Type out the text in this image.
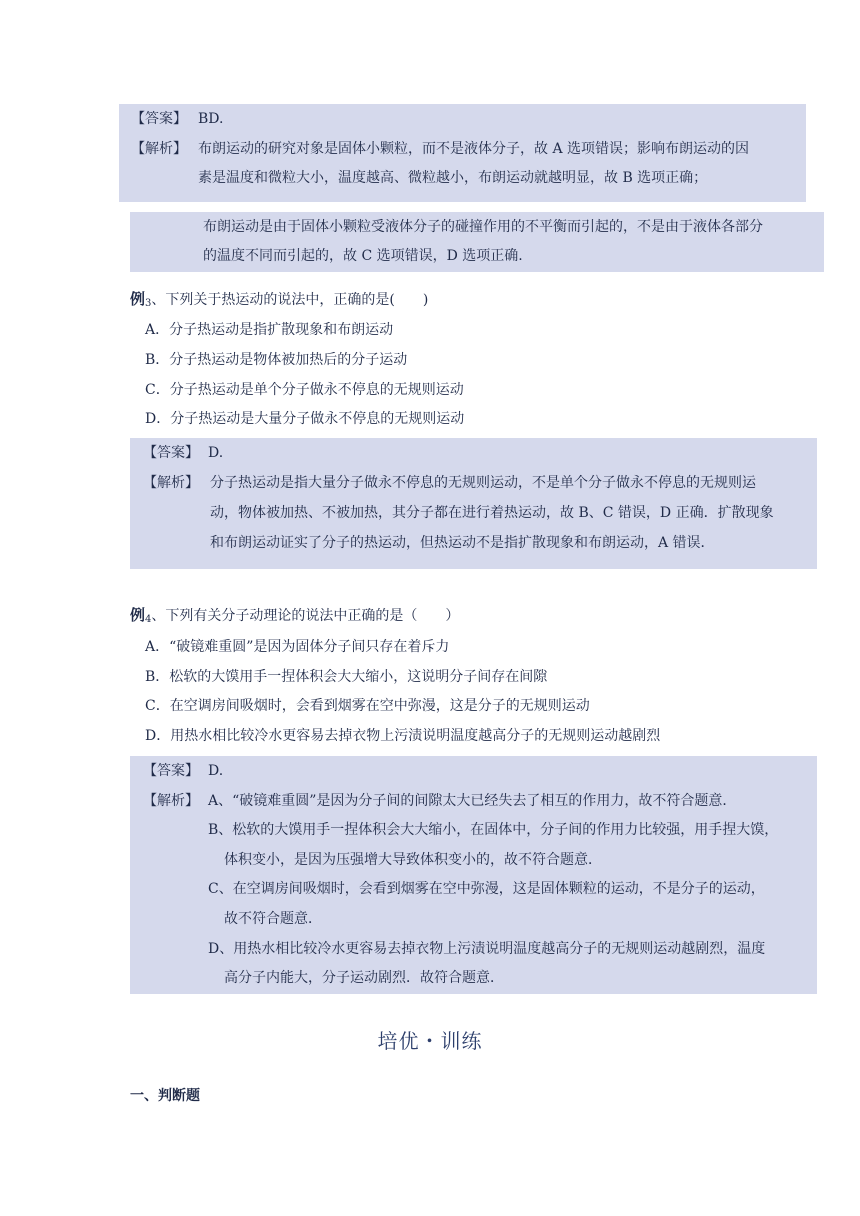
【答案】 BD.
【解析】 布朗运动的研究对象是固体小颗粒，而不是液体分子，故 A 选项错误；影响布朗运动的因
素是温度和微粒大小，温度越高、微粒越小，布朗运动就越明显，故 B 选项正确；
布朗运动是由于固体小颗粒受液体分子的碰撞作用的不平衡而引起的，不是由于液体各部分
的温度不同而引起的，故 C 选项错误，D 选项正确.
例$_3$、下列关于热运动的说法中，正确的是(　　)
A．分子热运动是指扩散现象和布朗运动
B．分子热运动是物体被加热后的分子运动
C．分子热运动是单个分子做永不停息的无规则运动
D．分子热运动是大量分子做永不停息的无规则运动
【答案】 D.
【解析】 分子热运动是指大量分子做永不停息的无规则运动，不是单个分子做永不停息的无规则运
动，物体被加热、不被加热，其分子都在进行着热运动，故 B、C 错误，D 正确．扩散现象
和布朗运动证实了分子的热运动，但热运动不是指扩散现象和布朗运动，A 错误．
例$_4$、下列有关分子动理论的说法中正确的是（　　）
A．“破镜难重圆”是因为固体分子间只存在着斥力
B．松软的大馍用手一捏体积会大大缩小，这说明分子间存在间隙
C．在空调房间吸烟时，会看到烟雾在空中弥漫，这是分子的无规则运动
D．用热水相比较冷水更容易去掉衣物上污渍说明温度越高分子的无规则运动越剧烈
【答案】 D.
【解析】 A、“破镜难重圆”是因为分子间的间隙太大已经失去了相互的作用力，故不符合题意．
B、松软的大馍用手一捏体积会大大缩小，在固体中，分子间的作用力比较强，用手捏大馍，
体积变小，是因为压强增大导致体积变小的，故不符合题意．
C、在空调房间吸烟时，会看到烟雾在空中弥漫，这是固体颗粒的运动，不是分子的运动，
故不符合题意．
D、用热水相比较冷水更容易去掉衣物上污渍说明温度越高分子的无规则运动越剧烈，温度
高分子内能大，分子运动剧烈．故符合题意．
培优・训练
一、判断题
